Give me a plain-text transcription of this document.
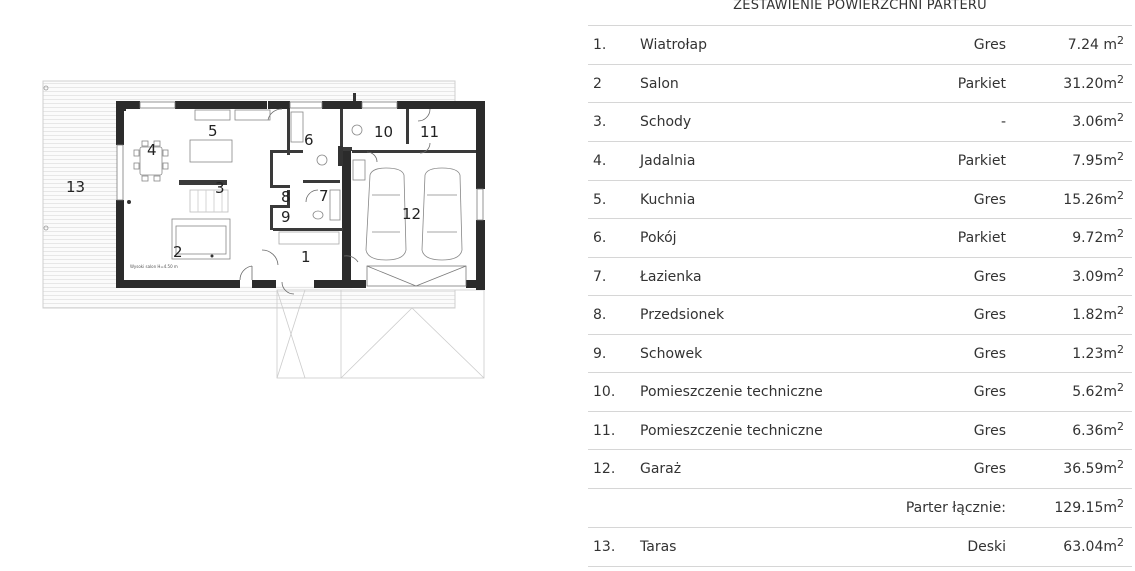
1
2
3
4
5	6
7
8
9
10 11
12
13
Wysoki salon H=4.50 m
ZESTAWIENIE POWIERZCHNI PARTERU
1. Wiatrołap	Gres	7.24 $m^2$
2	Salon	Parkiet	$31.20m^2$
3. Schody	-	$3.06m^2$
4. Jadalnia	Parkiet	$7.95m^2$
5. Kuchnia	Gres	$15.26m^2$
6. Pokój	Parkiet	$9.72m^2$
7. Łazienka	Gres	$3.09m^2$
8. Przedsionek	Gres	$1.82m^2$
9. Schowek	Gres	$1.23m^2$
10. Pomieszczenie techniczne	Gres	$5.62m^2$
11. Pomieszczenie techniczne	Gres	$6.36m^2$
12. Garaż	Gres	$36.59m^2$
Parter łącznie:	$129.15m^2$
13. Taras	Deski	$63.04m^2$
